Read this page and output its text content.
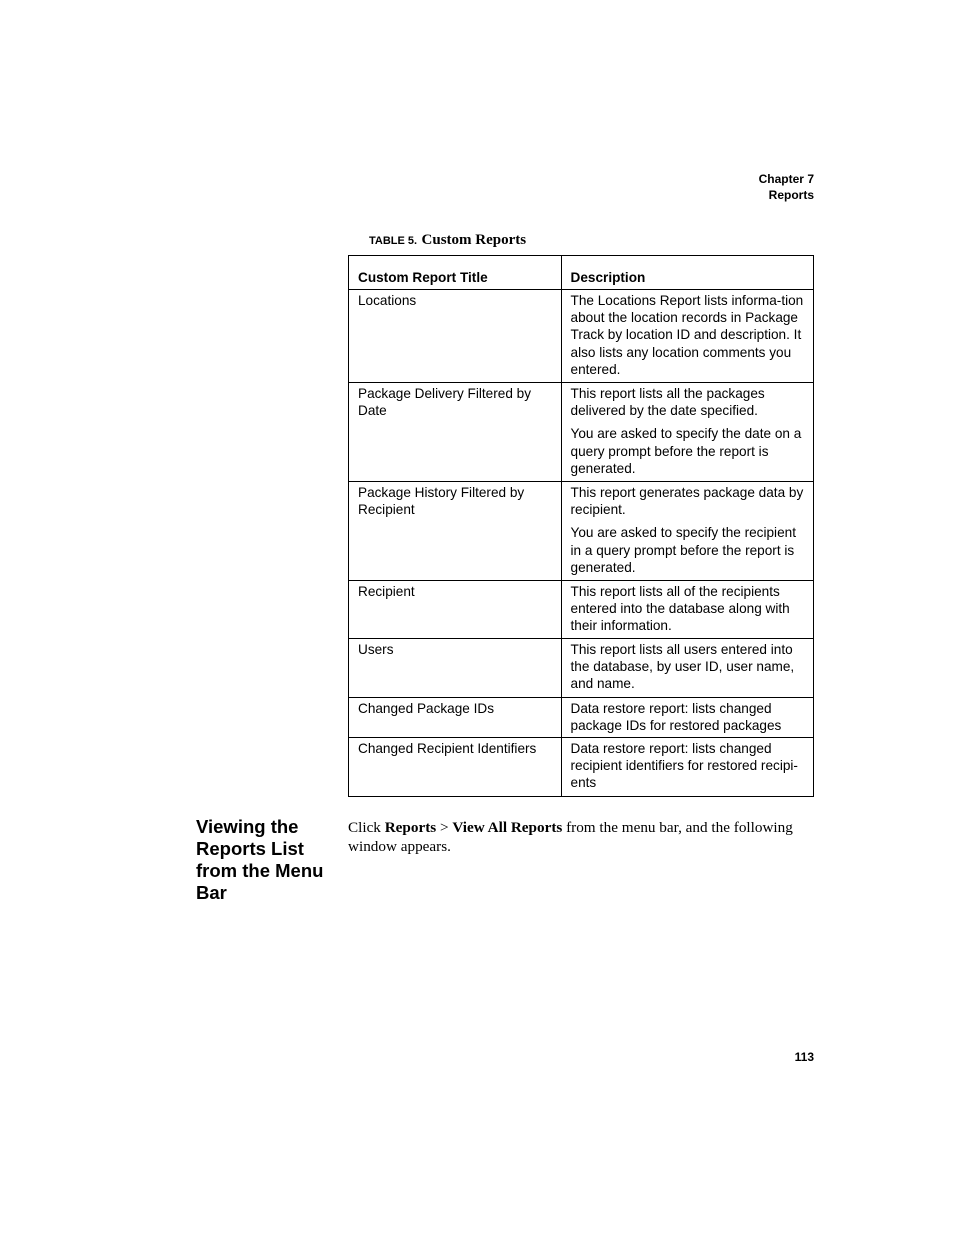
Chapter 7
Reports
TABLE 5. Custom Reports
Custom Report Title	Description
Locations	The Locations Report lists informa-tion about the location records in Package Track by location ID and description. It also lists any location comments you entered.

Package Delivery Filtered by Date	This report lists all the packages delivered by the date specified.

You are asked to specify the date on a query prompt before the report is generated.

Package History Filtered by Recipient	This report generates package data by recipient.

You are asked to specify the recipient in a query prompt before the report is generated.

Recipient	This report lists all of the recipients entered into the database along with their information.

Users	This report lists all users entered into the database, by user ID, user name, and name.

Changed Package IDs	Data restore report: lists changed package IDs for restored packages

Changed Recipient Identifiers	Data restore report: lists changed recipient identifiers for restored recipi-ents

Viewing the Reports List from the Menu Bar

Click Reports > View All Reports from the menu bar, and the following window appears.

113
